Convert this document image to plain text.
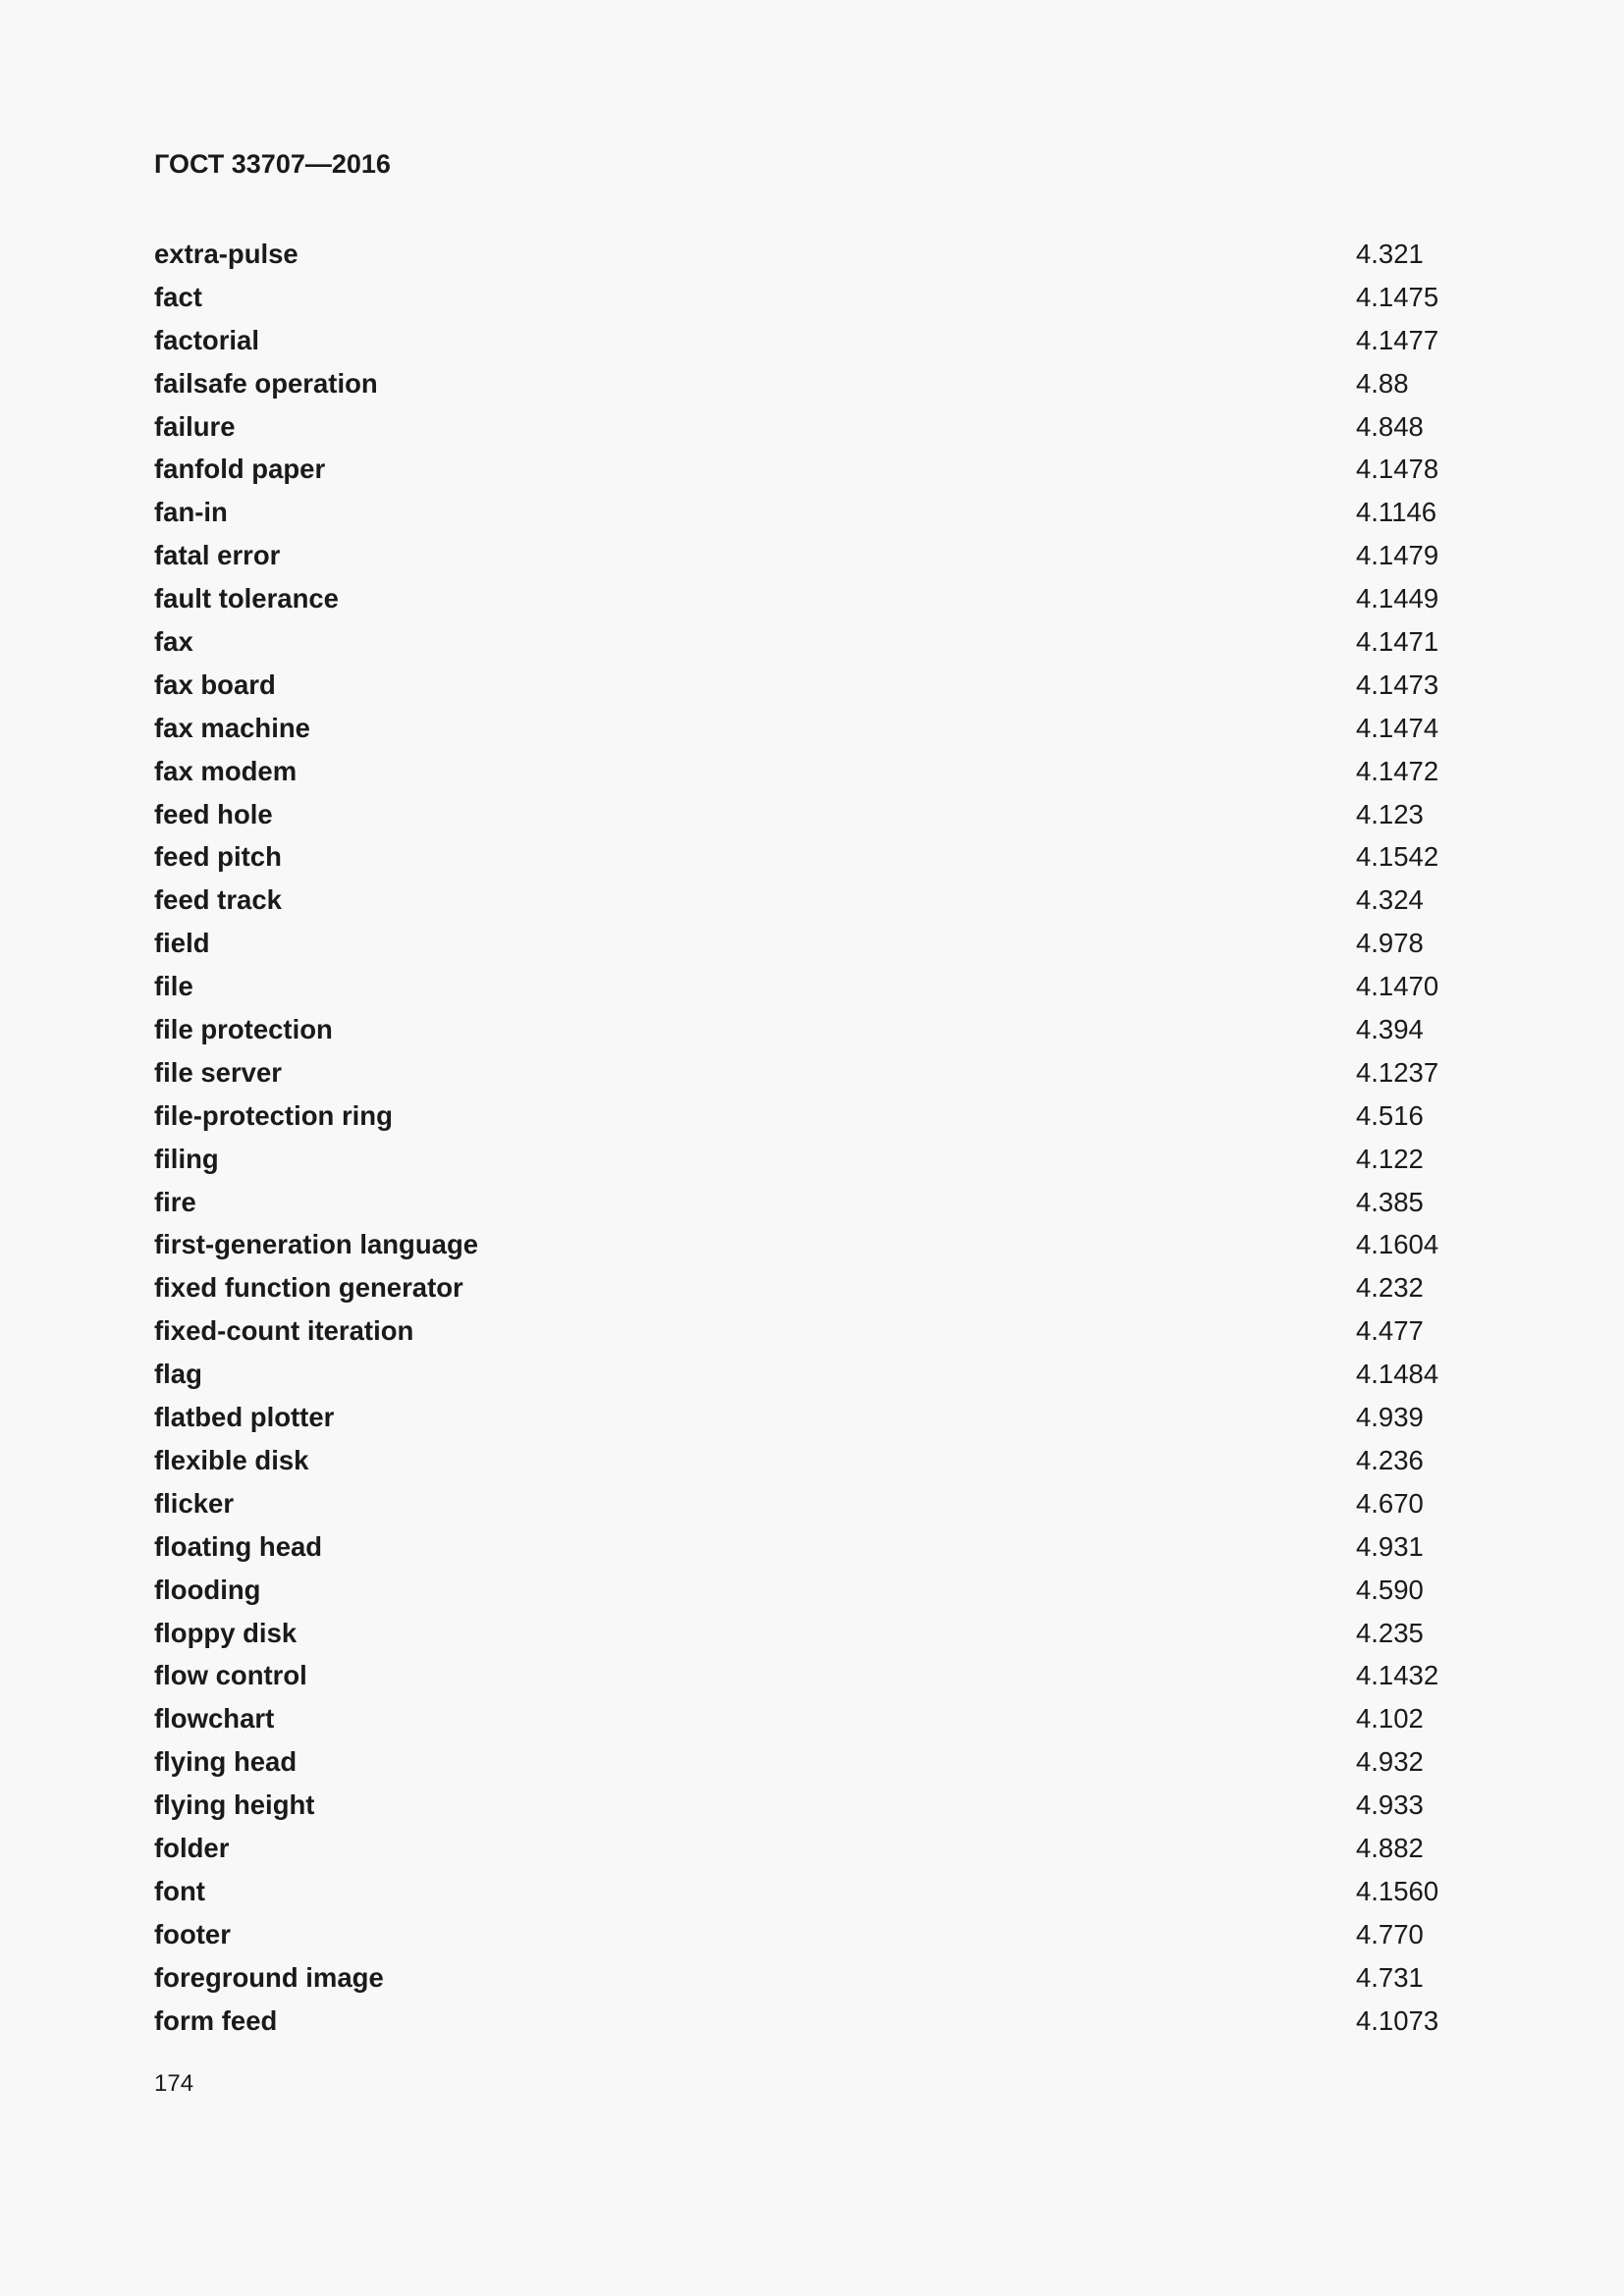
ГОСТ 33707—2016
extra-pulse	4.321
fact	4.1475
factorial	4.1477
failsafe operation	4.88
failure	4.848
fanfold paper	4.1478
fan-in	4.1146
fatal error	4.1479
fault tolerance	4.1449
fax	4.1471
fax board	4.1473
fax machine	4.1474
fax modem	4.1472
feed hole	4.123
feed pitch	4.1542
feed track	4.324
field	4.978
file	4.1470
file protection	4.394
file server	4.1237
file-protection ring	4.516
filing	4.122
fire	4.385
first-generation language	4.1604
fixed function generator	4.232
fixed-count iteration	4.477
flag	4.1484
flatbed plotter	4.939
flexible disk	4.236
flicker	4.670
floating head	4.931
flooding	4.590
floppy disk	4.235
flow control	4.1432
flowchart	4.102
flying head	4.932
flying height	4.933
folder	4.882
font	4.1560
footer	4.770
foreground image	4.731
form feed	4.1073
174
